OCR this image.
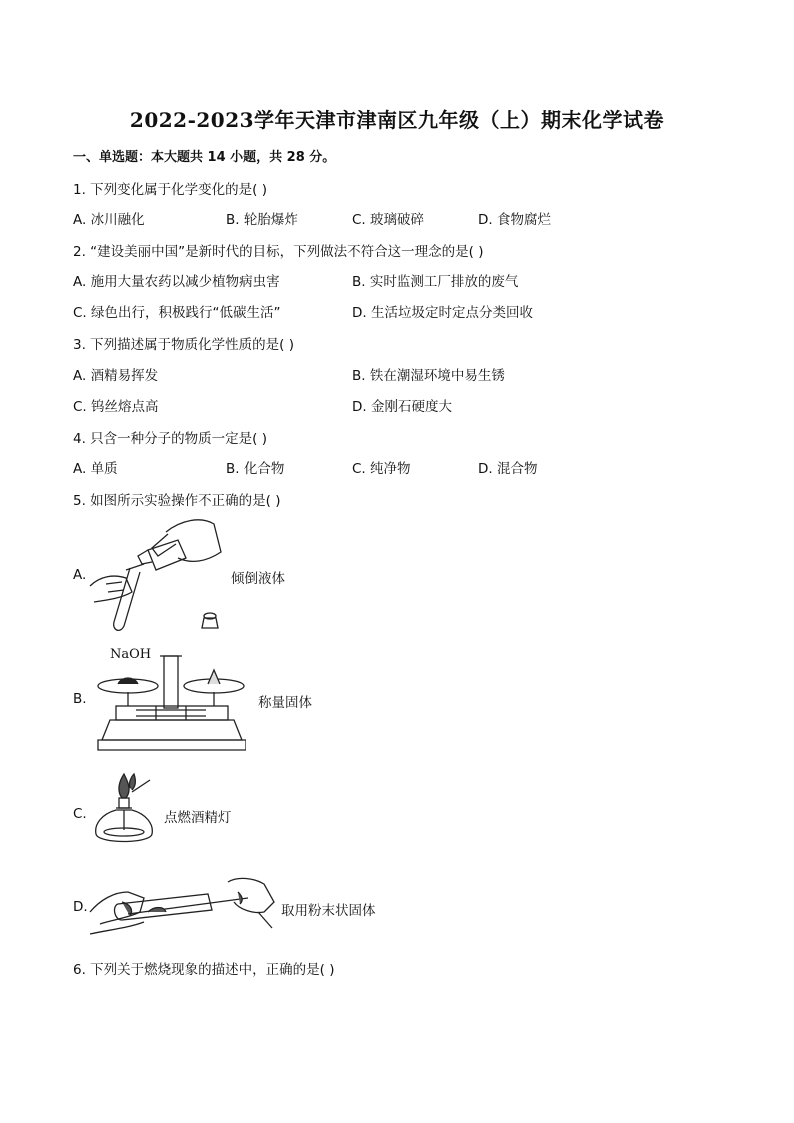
2022-2023学年天津市津南区九年级（上）期末化学试卷
一、单选题：本大题共 14 小题，共 28 分。
1. 下列变化属于化学变化的是( )
A. 冰川融化	B. 轮胎爆炸	C. 玻璃破碎	D. 食物腐烂
2. “建设美丽中国”是新时代的目标，下列做法不符合这一理念的是( )
A. 施用大量农药以减少植物病虫害	B. 实时监测工厂排放的废气
C. 绿色出行，积极践行“低碳生活”	D. 生活垃圾定时定点分类回收
3. 下列描述属于物质化学性质的是( )
A. 酒精易挥发	B. 铁在潮湿环境中易生锈
C. 钨丝熔点高	D. 金刚石硬度大
4. 只含一种分子的物质一定是( )
A. 单质	B. 化合物	C. 纯净物	D. 混合物
5. 如图所示实验操作不正确的是( )
A.	倾倒液体
B.
NaOH
称量固体
C.	点燃酒精灯
D.	取用粉末状固体
6. 下列关于燃烧现象的描述中，正确的是( )
